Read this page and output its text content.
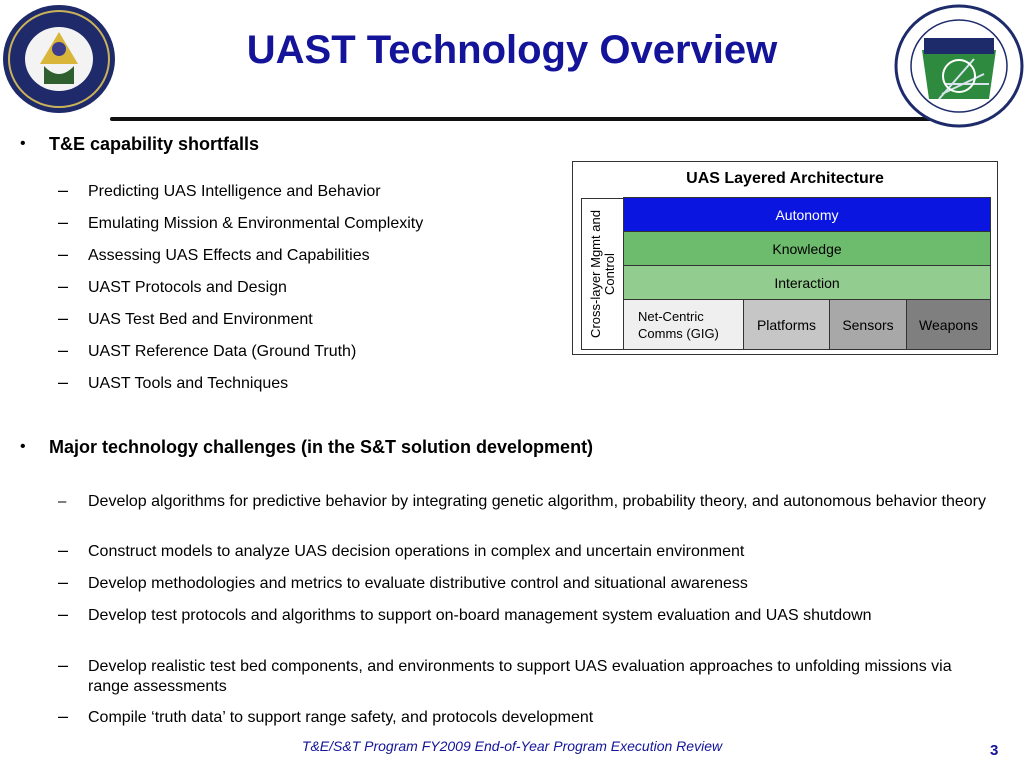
UAST Technology Overview
• T&E capability shortfalls
– Predicting UAS Intelligence and Behavior
– Emulating Mission & Environmental Complexity
– Assessing UAS Effects and Capabilities
– UAST Protocols and Design
– UAS Test Bed and Environment
– UAST Reference Data (Ground Truth)
– UAST Tools and Techniques
UAS Layered Architecture
Cross-layer Mgmt and Control
Autonomy
Knowledge
Interaction
Net-Centric Comms (GIG)
Platforms	Sensors	Weapons
• Major technology challenges (in the S&T solution development)
– Develop algorithms for predictive behavior by integrating genetic algorithm, probability theory, and autonomous behavior theory
– Construct models to analyze UAS decision operations in complex and uncertain environment
– Develop methodologies and metrics to evaluate distributive control and situational awareness
– Develop test protocols and algorithms to support on-board management system evaluation and UAS shutdown
– Develop realistic test bed components, and environments to support UAS evaluation approaches to unfolding missions via range assessments
– Compile ‘truth data’ to support range safety, and protocols development
T&E/S&T Program FY2009 End-of-Year Program Execution Review	3
